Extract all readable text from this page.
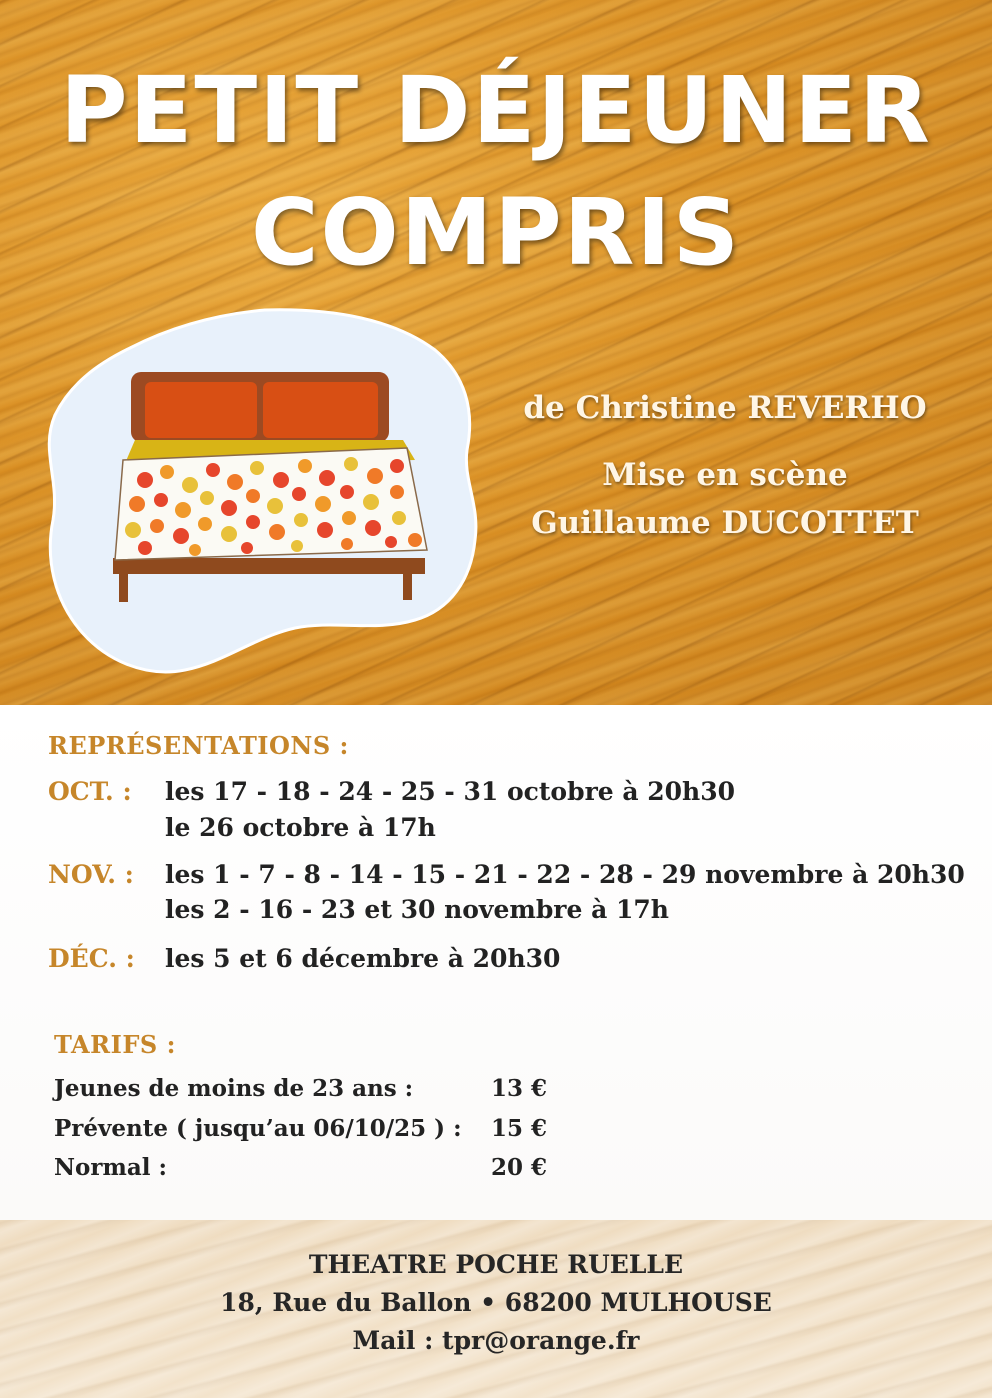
PETIT DÉJEUNER
COMPRIS
de Christine REVERHO
Mise en scène
Guillaume DUCOTTET
REPRÉSENTATIONS :
OCT. : les 17 - 18 - 24 - 25 - 31 octobre à 20h30
le 26 octobre à 17h
NOV. : les 1 - 7 - 8 - 14 - 15 - 21 - 22 - 28 - 29 novembre à 20h30
les 2 - 16 - 23 et 30 novembre à 17h
DÉC. : les 5 et 6 décembre à 20h30
TARIFS :
Jeunes de moins de 23 ans :	13 €
Prévente ( jusqu’au 06/10/25 ) : 15 €
Normal :	20 €
THEATRE POCHE RUELLE
18, Rue du Ballon • 68200 MULHOUSE
Mail : tpr@orange.fr
